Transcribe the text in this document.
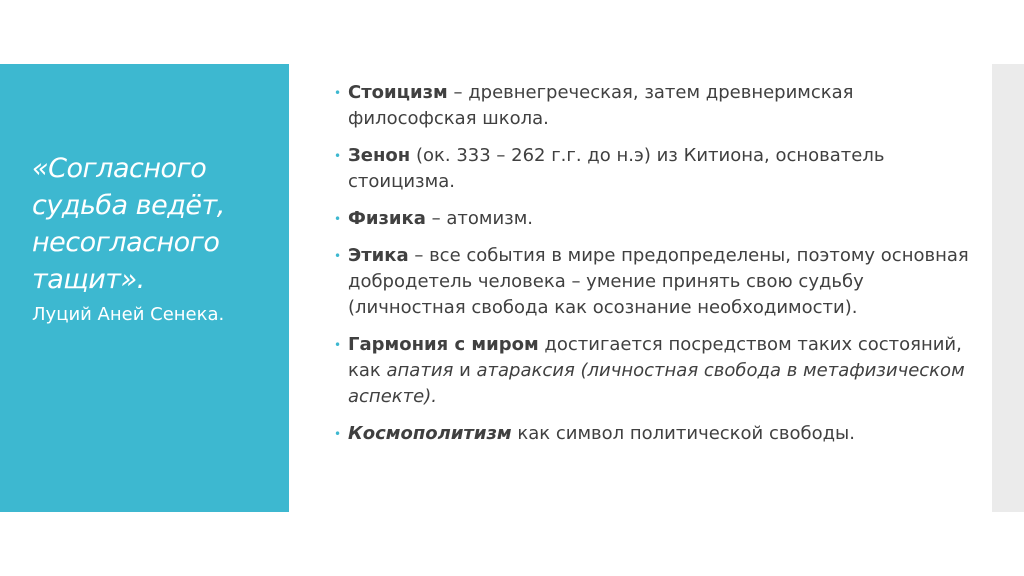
«Согласного
судьба ведёт,
несогласного
тащит».
Луций Аней Сенека.
• Стоицизм – древнегреческая, затем древнеримская философская школа.
• Зенон (ок. 333 – 262 г.г. до н.э) из Китиона, основатель стоицизма.
• Физика – атомизм.
• Этика – все события в мире предопределены, поэтому основная добродетель человека – умение принять свою судьбу (личностная свобода как осознание необходимости).
• Гармония с миром достигается посредством таких состояний, как апатия и атараксия (личностная свобода в метафизическом аспекте).
• Космополитизм как символ политической свободы.
